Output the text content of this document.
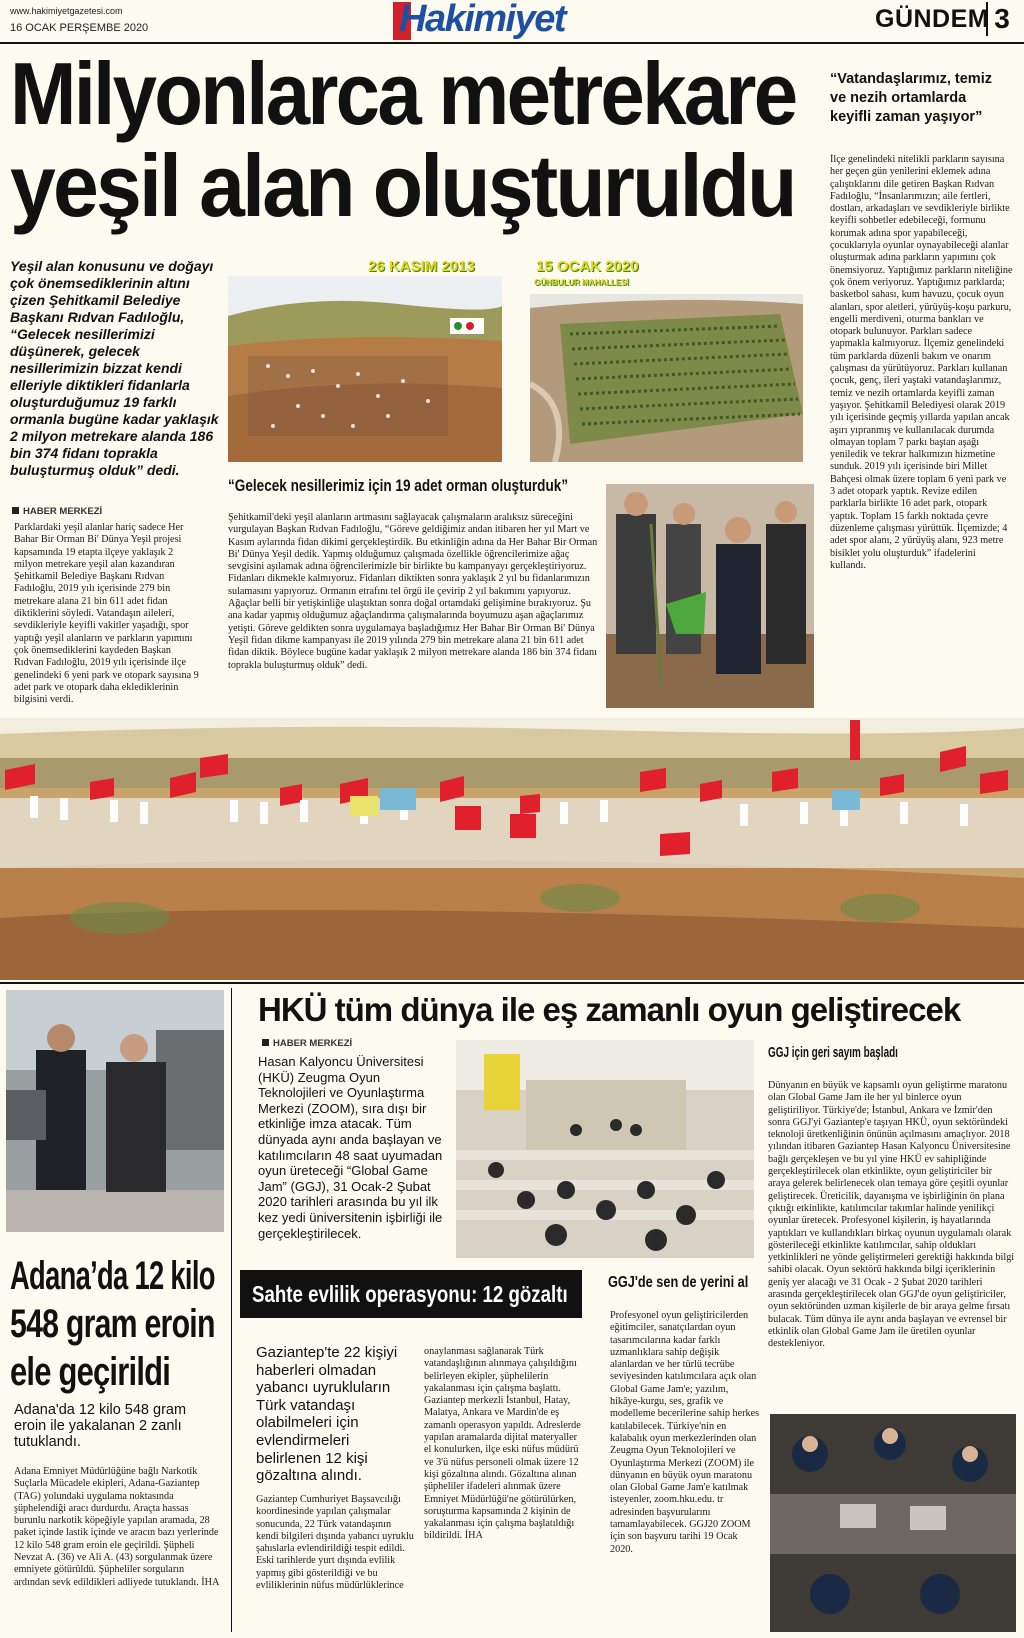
www.hakimiyetgazetesi.com
16 OCAK PERŞEMBE 2020	Hakimiyet	GÜNDEM 3
Milyonlarca metrekare
yeşil alan oluşturuldu
Yeşil alan konusunu ve doğayı çok önemsediklerinin altını çizen Şehitkamil Belediye Başkanı Rıdvan Fadıloğlu, “Gelecek nesillerimizi düşünerek, gelecek nesillerimizin bizzat kendi elleriyle diktikleri fidanlarla oluşturduğumuz 19 farklı ormanla bugüne kadar yaklaşık 2 milyon metrekare alanda 186 bin 374 fidanı toprakla buluşturmuş olduk” dedi.
HABER MERKEZİ
Parklardaki yeşil alanlar hariç sadece Her Bahar Bir Orman Bi' Dünya Yeşil projesi kapsamında 19 etapta ilçeye yaklaşık 2 milyon metrekare yeşil alan kazandıran Şehitkamil Belediye Başkanı Rıdvan Fadıloğlu, 2019 yılı içerisinde 279 bin metrekare alana 21 bin 611 adet fidan diktiklerini söyledi. Vatandaşın aileleri, sevdikleriyle keyifli vakitler yaşadığı, spor yaptığı yeşil alanların ve parkların yapımını çok önemsediklerini kaydeden Başkan Rıdvan Fadıloğlu, 2019 yılı içerisinde ilçe genelindeki 6 yeni park ve otopark sayısına 9 adet park ve otopark daha eklediklerinin bilgisini verdi.
26 KASIM 2013	15 OCAK 2020
GÜNBULUR MAHALLESİ
“Gelecek nesillerimiz için 19 adet orman oluşturduk”
Şehitkamil'deki yeşil alanların artmasını sağlayacak çalışmaların aralıksız süreceğini vurgulayan Başkan Rıdvan Fadıloğlu, “Göreve geldiğimiz andan itibaren her yıl Mart ve Kasım aylarında fidan dikimi gerçekleştirdik. Bu etkinliğin adına da Her Bahar Bir Orman Bi' Dünya Yeşil dedik. Yapmış olduğumuz çalışmada özellikle öğrencilerimize ağaç sevgisini aşılamak adına öğrencilerimizle bir birlikte bu kampanyayı gerçekleştiriyoruz. Fidanları dikmekle kalmıyoruz. Fidanları diktikten sonra yaklaşık 2 yıl bu fidanlarımızın sulamasını yapıyoruz. Ormanın etrafını tel örgü ile çevirip 2 yıl bakımını yapıyoruz. Ağaçlar belli bir yetişkinliğe ulaştıktan sonra doğal ortamdaki gelişimine bırakıyoruz. Şu ana kadar yapmış olduğumuz ağaçlandırma çalışmalarında boyumuzu aşan ağaçlarımız yetişti. Göreve geldikten sonra uygulamaya başladığımız Her Bahar Bir Orman Bi' Dünya Yeşil fidan dikme kampanyası ile 2019 yılında 279 bin metrekare alana 21 bin 611 adet fidan diktik. Böylece bugüne kadar yaklaşık 2 milyon metrekare alanda 186 bin 374 fidanı toprakla buluşturmuş olduk” dedi.
“Vatandaşlarımız, temiz ve nezih ortamlarda keyifli zaman yaşıyor”
İlçe genelindeki nitelikli parkların sayısına her geçen gün yenilerini eklemek adına çalıştıklarını dile getiren Başkan Rıdvan Fadıloğlu, “İnsanlarımızın; aile fertleri, dostları, arkadaşları ve sevdikleriyle birlikte keyifli sohbetler edebileceği, formunu korumak adına spor yapabileceği, çocuklarıyla oyunlar oynayabileceği alanlar oluşturmak adına parkların yapımını çok önemsiyoruz. Yaptığımız parkların niteliğine çok önem veriyoruz. Yaptığımız parklarda; basketbol sahası, kum havuzu, çocuk oyun alanları, spor aletleri, yürüyüş-koşu parkuru, engelli merdiveni, oturma bankları ve otopark bulunuyor. Parkları sadece yapmakla kalmıyoruz. İlçemiz genelindeki tüm parklarda düzenli bakım ve onarım çalışması da yürütüyoruz. Parkları kullanan çocuk, genç, ileri yaştaki vatandaşlarımız, temiz ve nezih ortamlarda keyifli zaman yaşıyor. Şehitkamil Belediyesi olarak 2019 yılı içerisinde geçmiş yıllarda yapılan ancak aşırı yıpranmış ve kullanılacak durumda olmayan toplam 7 parkı baştan aşağı yeniledik ve tekrar halkımızın hizmetine sunduk. 2019 yılı içerisinde biri Millet Bahçesi olmak üzere toplam 6 yeni park ve 3 adet otopark yaptık. Revize edilen parklarla birlikte 16 adet park, otopark yaptık. Toplam 15 farklı noktada çevre düzenleme çalışması yürüttük. İlçemizde; 4 adet spor alanı, 2 yürüyüş alanı, 923 metre bisiklet yolu oluşturduk” ifadelerini kullandı.
Adana’da 12 kilo
548 gram eroin
ele geçirildi
Adana'da 12 kilo 548 gram eroin ile yakalanan 2 zanlı tutuklandı.
Adana Emniyet Müdürlüğüne bağlı Narkotik Suçlarla Mücadele ekipleri, Adana-Gaziantep (TAG) yolundaki uygulama noktasında şüphelendiği aracı durdurdu. Araçta hassas burunlu narkotik köpeğiyle yapılan aramada, 28 paket içinde lastik içinde ve aracın bazı yerlerinde 12 kilo 548 gram eroin ele geçirildi. Şüpheli Nevzat A. (36) ve Ali A. (43) sorgulanmak üzere emniyete götürüldü. Şüpheliler sorguların ardından sevk edildikleri adliyede tutuklandı. İHA
HKÜ tüm dünya ile eş zamanlı oyun geliştirecek
HABER MERKEZİ
Hasan Kalyoncu Üniversitesi (HKÜ) Zeugma Oyun Teknolojileri ve Oyunlaştırma Merkezi (ZOOM), sıra dışı bir etkinliğe imza atacak. Tüm dünyada aynı anda başlayan ve katılımcıların 48 saat uyumadan oyun üreteceği “Global Game Jam” (GGJ), 31 Ocak-2 Şubat 2020 tarihleri arasında bu yıl ilk kez yedi üniversitenin işbirliği ile gerçekleştirilecek.
GGJ için geri sayım başladı
Dünyanın en büyük ve kapsamlı oyun geliştirme maratonu olan Global Game Jam ile her yıl binlerce oyun geliştiriliyor. Türkiye'de; İstanbul, Ankara ve İzmir'den sonra GGJ'yi Gaziantep'e taşıyan HKÜ, oyun sektöründeki teknoloji üretkenliğinin önünün açılmasını amaçlıyor. 2018 yılından itibaren Gaziantep Hasan Kalyoncu Üniversitesine bağlı gerçekleşen ve bu yıl yine HKÜ ev sahipliğinde gerçekleştirilecek olan etkinlikte, oyun geliştiriciler bir araya gelerek belirlenecek olan temaya göre çeşitli oyunlar geliştirecek. Üreticilik, dayanışma ve işbirliğinin ön plana çıktığı etkinlikte, katılımcılar takımlar halinde yenilikçi oyunlar üretecek. Profesyonel kişilerin, iş hayatlarında yaptıkları ve kullandıkları birkaç oyunun uygulamalı olarak gösterileceği etkinlikte katılımcılar, sahip oldukları yetkinlikleri ne yönde geliştirmeleri gerektiği hakkında bilgi sahibi olacak. Oyun sektörü hakkında bilgi içeriklerinin geniş yer alacağı ve 31 Ocak - 2 Şubat 2020 tarihleri arasında gerçekleştirilecek olan GGJ'de oyun geliştiriciler, oyun sektöründen uzman kişilerle de bir araya gelme fırsatı bulacak. Tüm dünya ile aynı anda başlayan ve evrensel bir etkinlik olan Global Game Jam ile üretilen oyunlar destekleniyor.
Sahte evlilik operasyonu: 12 gözaltı
Gaziantep'te 22 kişiyi haberleri olmadan yabancı uyrukluların Türk vatandaşı olabilmeleri için evlendirmeleri belirlenen 12 kişi gözaltına alındı.
Gaziantep Cumhuriyet Başsavcılığı koordinesinde yapılan çalışmalar sonucunda, 22 Türk vatandaşının kendi bilgileri dışında yabancı uyruklu şahıslarla evlendirildiği tespit edildi. Eski tarihlerde yurt dışında evlilik yapmış gibi gösterildiği ve bu evliliklerinin nüfus müdürlüklerince
onaylanması sağlanarak Türk vatandaşlığının alınmaya çalışıldığını belirleyen ekipler, şüphelilerin yakalanması için çalışma başlattı. Gaziantep merkezli İstanbul, Hatay, Malatya, Ankara ve Mardin'de eş zamanlı operasyon yapıldı. Adreslerde yapılan aramalarda dijital materyaller el konulurken, ilçe eski nüfus müdürü ve 3'ü nüfus personeli olmak üzere 12 kişi gözaltına alındı. Gözaltına alınan şüpheliler ifadeleri alınmak üzere Emniyet Müdürlüğü'ne götürülürken, soruşturma kapsamında 2 kişinin de yakalanması için çalışma başlatıldığı bildirildi. İHA
GGJ'de sen de yerini al
Profesyonel oyun geliştiricilerden eğitimciler, sanatçılardan oyun tasarımcılarına kadar farklı uzmanlıklara sahip değişik alanlardan ve her türlü tecrübe seviyesinden katılımcılara açık olan Global Game Jam'e; yazılım, hikâye-kurgu, ses, grafik ve modelleme becerilerine sahip herkes katılabilecek. Türkiye'nin en kalabalık oyun merkezlerinden olan Zeugma Oyun Teknolojileri ve Oyunlaştırma Merkezi (ZOOM) ile dünyanın en büyük oyun maratonu olan Global Game Jam'e katılmak isteyenler, zoom.hku.edu. tr adresinden başvurularını tamamlayabilecek. GGJ20 ZOOM için son başvuru tarihi 19 Ocak 2020.
